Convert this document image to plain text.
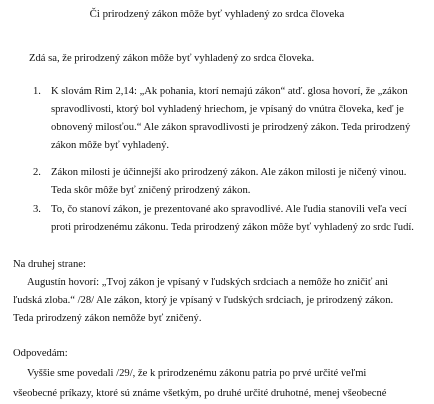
'
Či prirodzený zákon môže byť vyhladený zo srdca človeka
Zdá sa, že prirodzený zákon môže byť vyhladený zo srdca človeka.
1. K slovám Rim 2,14: „Ak pohania, ktorí nemajú zákon“ atď. glosa hovorí, že „zákon
spravodlivosti, ktorý bol vyhladený hriechom, je vpísaný do vnútra človeka, keď je
obnovený milosťou.“ Ale zákon spravodlivosti je prirodzený zákon. Teda prirodzený
zákon môže byť vyhladený.
2. Zákon milosti je účinnejší ako prirodzený zákon. Ale zákon milosti je ničený vinou.
Teda skôr môže byť zničený prirodzený zákon.
3. To, čo stanoví zákon, je prezentované ako spravodlivé. Ale ľudia stanovili veľa vecí
proti prirodzenému zákonu. Teda prirodzený zákon môže byť vyhladený zo srdc ľudí.
Na druhej strane:
Augustín hovorí: „Tvoj zákon je vpísaný v ľudských srdciach a nemôže ho zničiť ani
ľudská zloba.“ /28/ Ale zákon, ktorý je vpísaný v ľudských srdciach, je prirodzený zákon.
Teda prirodzený zákon nemôže byť zničený.
Odpovedám:
Vyššie sme povedali /29/, že k prirodzenému zákonu patria po prvé určité veľmi
všeobecné príkazy, ktoré sú známe všetkým, po druhé určité druhotné, menej všeobecné
